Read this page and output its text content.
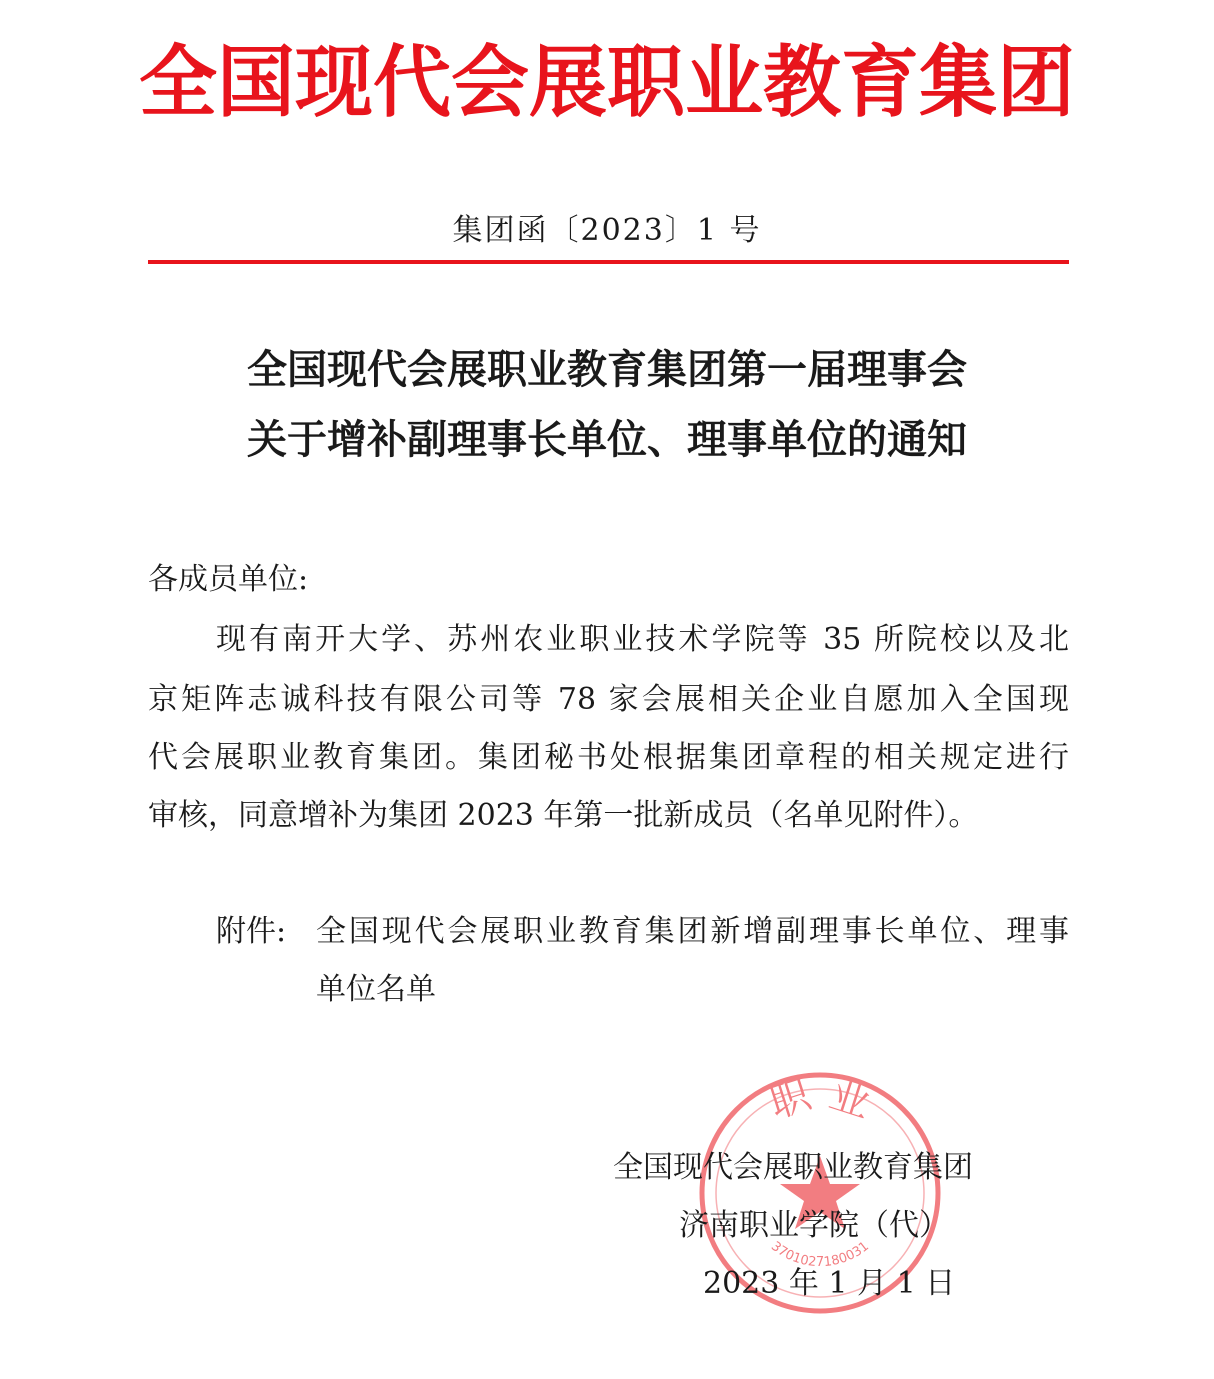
全国现代会展职业教育集团
集团函〔2023〕1 号
全国现代会展职业教育集团第一届理事会
关于增补副理事长单位、理事单位的通知
各成员单位:
现有南开大学、苏州农业职业技术学院等 35 所院校以及北
京矩阵志诚科技有限公司等 78 家会展相关企业自愿加入全国现
代会展职业教育集团。集团秘书处根据集团章程的相关规定进行
审核，同意增补为集团 2023 年第一批新成员（名单见附件）。
附件: 全国现代会展职业教育集团新增副理事长单位、理事
单位名单
职 业
3701027180031
全国现代会展职业教育集团
济南职业学院（代）
2023 年 1 月 1 日
